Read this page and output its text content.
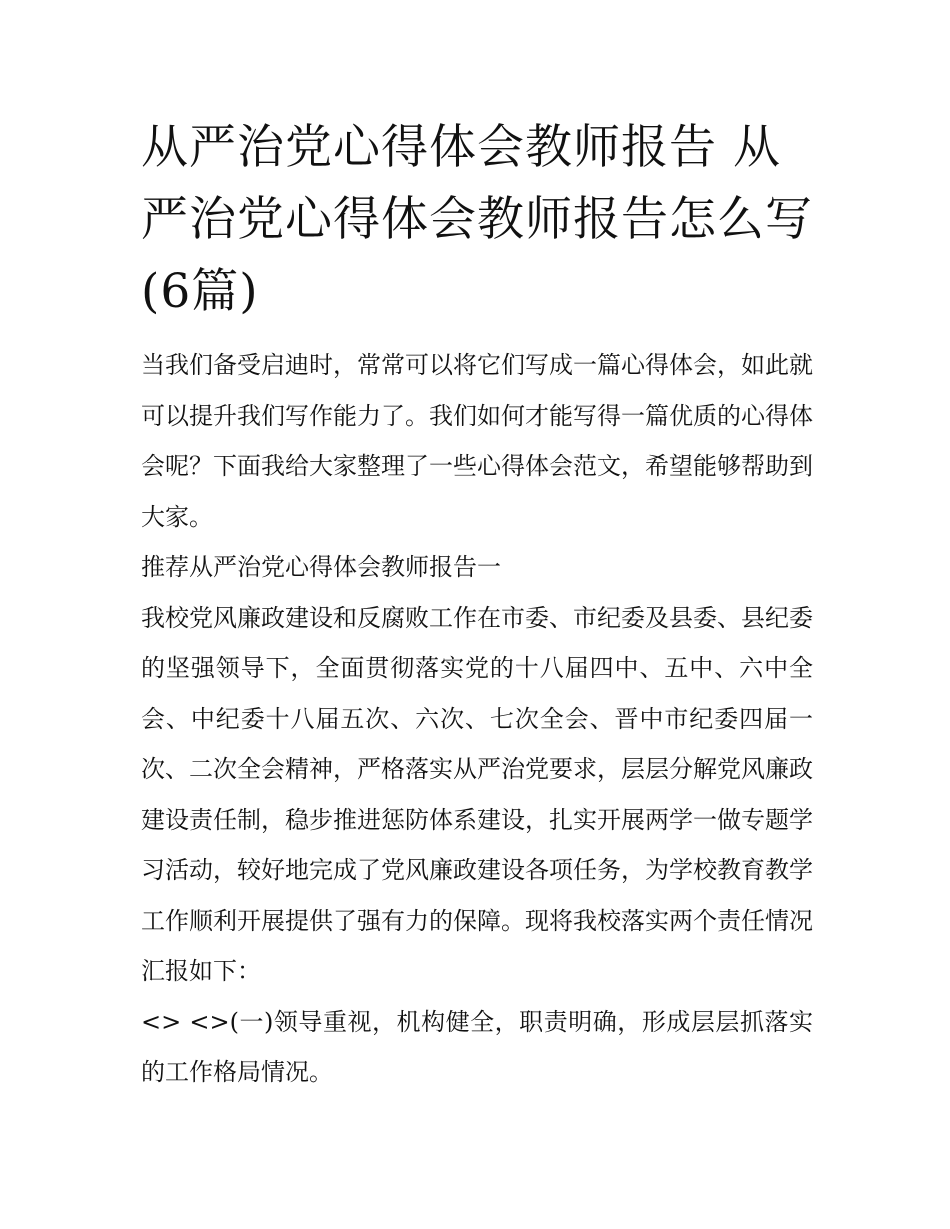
从严治党心得体会教师报告 从严治党心得体会教师报告怎么写(6篇)

当我们备受启迪时，常常可以将它们写成一篇心得体会，如此就可以提升我们写作能力了。我们如何才能写得一篇优质的心得体会呢？下面我给大家整理了一些心得体会范文，希望能够帮助到大家。

推荐从严治党心得体会教师报告一

我校党风廉政建设和反腐败工作在市委、市纪委及县委、县纪委的坚强领导下，全面贯彻落实党的十八届四中、五中、六中全会、中纪委十八届五次、六次、七次全会、晋中市纪委四届一次、二次全会精神，严格落实从严治党要求，层层分解党风廉政建设责任制，稳步推进惩防体系建设，扎实开展两学一做专题学习活动，较好地完成了党风廉政建设各项任务，为学校教育教学工作顺利开展提供了强有力的保障。现将我校落实两个责任情况汇报如下：

<> <>(一)领导重视，机构健全，职责明确，形成层层抓落实的工作格局情况。
